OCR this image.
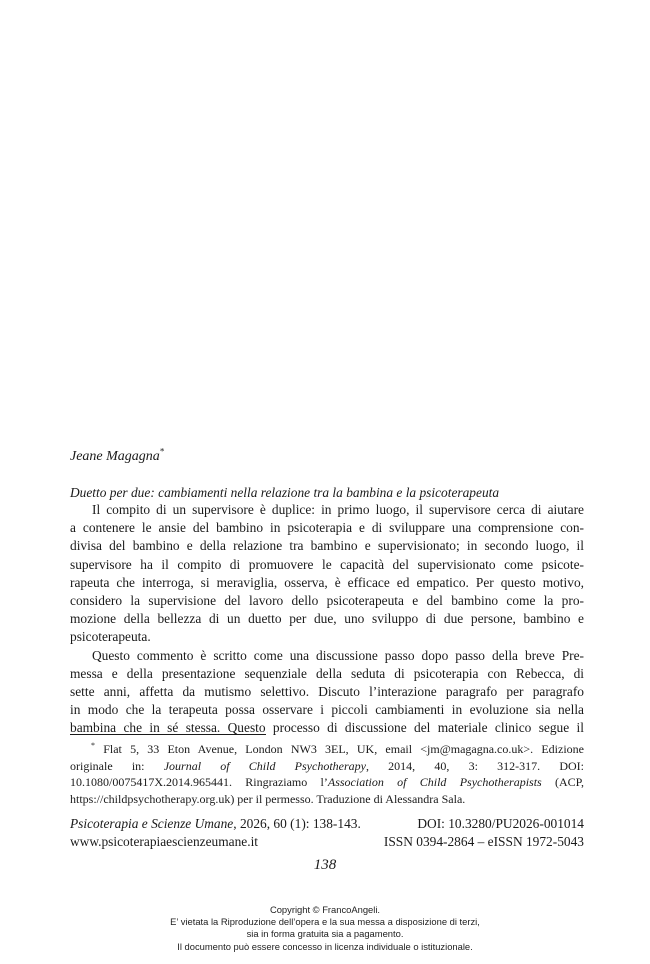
Jeane Magagna*
Duetto per due: cambiamenti nella relazione tra la bambina e la psicoterapeuta

Il compito di un supervisore è duplice: in primo luogo, il supervisore cerca di aiutare
a contenere le ansie del bambino in psicoterapia e di sviluppare una comprensione con-
divisa del bambino e della relazione tra bambino e supervisionato; in secondo luogo, il
supervisore ha il compito di promuovere le capacità del supervisionato come psicote-
rapeuta che interroga, si meraviglia, osserva, è efficace ed empatico. Per questo motivo,
considero la supervisione del lavoro dello psicoterapeuta e del bambino come la pro-
mozione della bellezza di un duetto per due, uno sviluppo di due persone, bambino e
psicoterapeuta.

Questo commento è scritto come una discussione passo dopo passo della breve Pre-
messa e della presentazione sequenziale della seduta di psicoterapia con Rebecca, di
sette anni, affetta da mutismo selettivo. Discuto l’interazione paragrafo per paragrafo
in modo che la terapeuta possa osservare i piccoli cambiamenti in evoluzione sia nella
bambina che in sé stessa. Questo processo di discussione del materiale clinico segue il

* Flat 5, 33 Eton Avenue, London NW3 3EL, UK, email <jm@magagna.co.uk>. Edizione
originale in: Journal of Child Psychotherapy, 2014, 40, 3: 312-317. DOI:
10.1080/0075417X.2014.965441. Ringraziamo l’Association of Child Psychotherapists (ACP,
https://childpsychotherapy.org.uk) per il permesso. Traduzione di Alessandra Sala.
Psicoterapia e Scienze Umane, 2026, 60 (1): 138-143.	DOI: 10.3280/PU2026-001014
www.psicoterapiaescienzeumane.it	ISSN 0394-2864 – eISSN 1972-5043
138
Copyright © FrancoAngeli.
E’ vietata la Riproduzione dell’opera e la sua messa a disposizione di terzi,
sia in forma gratuita sia a pagamento.
Il documento può essere concesso in licenza individuale o istituzionale.
